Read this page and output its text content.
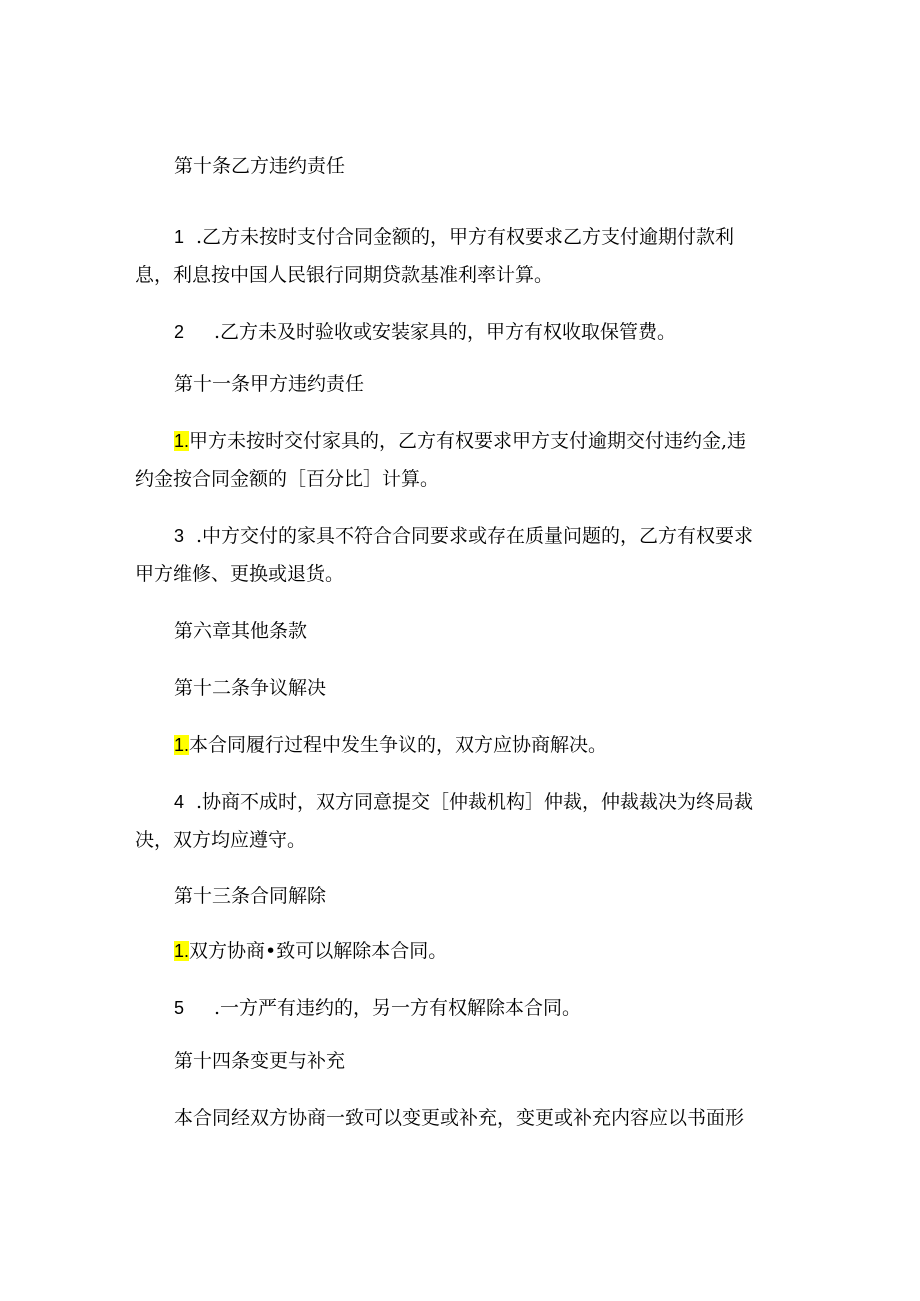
第十条乙方违约责任
1 .乙方未按时支付合同金额的，甲方有权要求乙方支付逾期付款利
息，利息按中国人民银行同期贷款基准利率计算。
2 .乙方未及时验收或安装家具的，甲方有权收取保管费。
第十一条甲方违约责任
1.甲方未按时交付家具的，乙方有权要求甲方支付逾期交付违约金,违
约金按合同金额的［百分比］计算。
3 .中方交付的家具不符合合同要求或存在质量问题的，乙方有权要求
甲方维修、更换或退货。
第六章其他条款
第十二条争议解决
1.本合同履行过程中发生争议的，双方应协商解决。
4 .协商不成时，双方同意提交［仲裁机构］仲裁，仲裁裁决为终局裁
决，双方均应遵守。
第十三条合同解除
1.双方协商•致可以解除本合同。
5 .一方严有违约的，另一方有权解除本合同。
第十四条变更与补充
本合同经双方协商一致可以变更或补充，变更或补充内容应以书面形
